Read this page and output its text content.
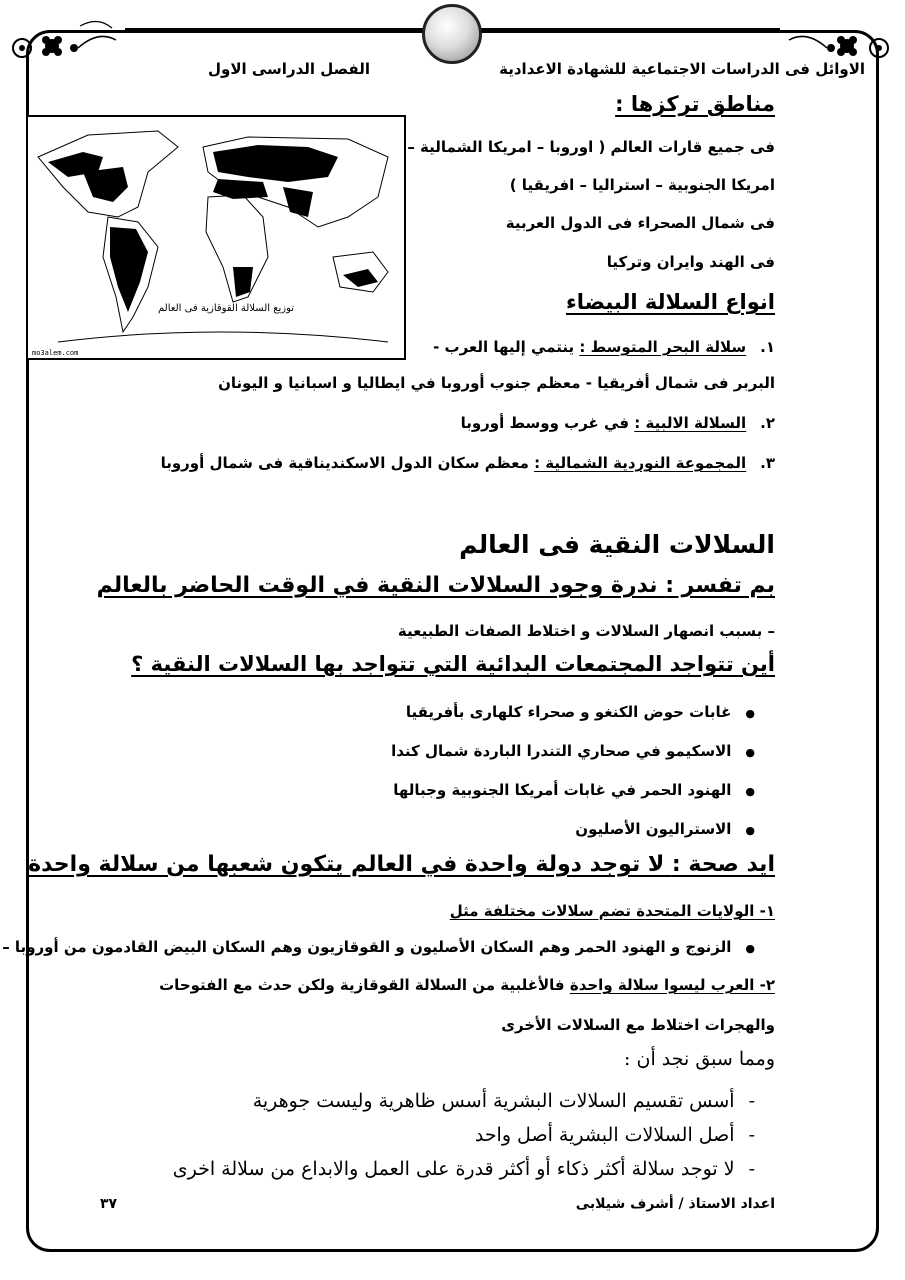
الاوائل فى الدراسات الاجتماعية للشهادة الاعدادية
الفصل الدراسى الاول
توزيع السلالة القوقازية فى العالم
mo3alem.com
مناطق تركزها :
فى جميع قارات العالم ( اوروبا – امريكا الشمالية –
امريكا الجنوبية – استراليا – افريقيا )
فى شمال الصحراء فى الدول العربية
فى الهند وايران وتركيا
انواع السلالة البيضاء
١.سلالة البحر المتوسط : ينتمي إليها العرب -
البربر فى شمال أفريقيا - معظم جنوب أوروبا في ايطاليا و اسبانيا و اليونان
٢.السلالة الالبية : في غرب ووسط أوروبا
٣.المجموعة النوردية الشمالية : معظم سكان الدول الاسكنديناقية فى شمال أوروبا
السلالات النقية فى العالم
بم تفسر : ندرة وجود السلالات النقية في الوقت الحاضر بالعالم
– بسبب انصهار السلالات و اختلاط الصفات الطبيعية
أين تتواجد المجتمعات البدائية التي تتواجد بها السلالات النقية ؟
● غابات حوض الكنغو و صحراء كلهارى بأفريقيا
● الاسكيمو في صحاري التندرا الباردة شمال كندا
● الهنود الحمر في غابات أمريكا الجنوبية وجبالها
● الاستراليون الأصليون
ايد صحة : لا توجد دولة واحدة في العالم يتكون شعبها من سلالة واحدة
١- الولايات المتحدة تضم سلالات مختلفة مثل
● الزنوج و الهنود الحمر وهم السكان الأصليون و القوقازيون وهم السكان البيض القادمون من أوروبا –
٢- العرب ليسوا سلالة واحدة فالأغلبية من السلالة القوقازية ولكن حدث مع الفتوحات
والهجرات اختلاط مع السلالات الأخرى
ومما سبق نجد أن :
-أسس تقسيم السلالات البشرية أسس ظاهرية وليست جوهرية
-أصل السلالات البشرية أصل واحد
-لا توجد سلالة أكثر ذكاء أو أكثر قدرة على العمل والابداع من سلالة اخرى
اعداد الاستاذ / أشرف شيلابى
٣٧
